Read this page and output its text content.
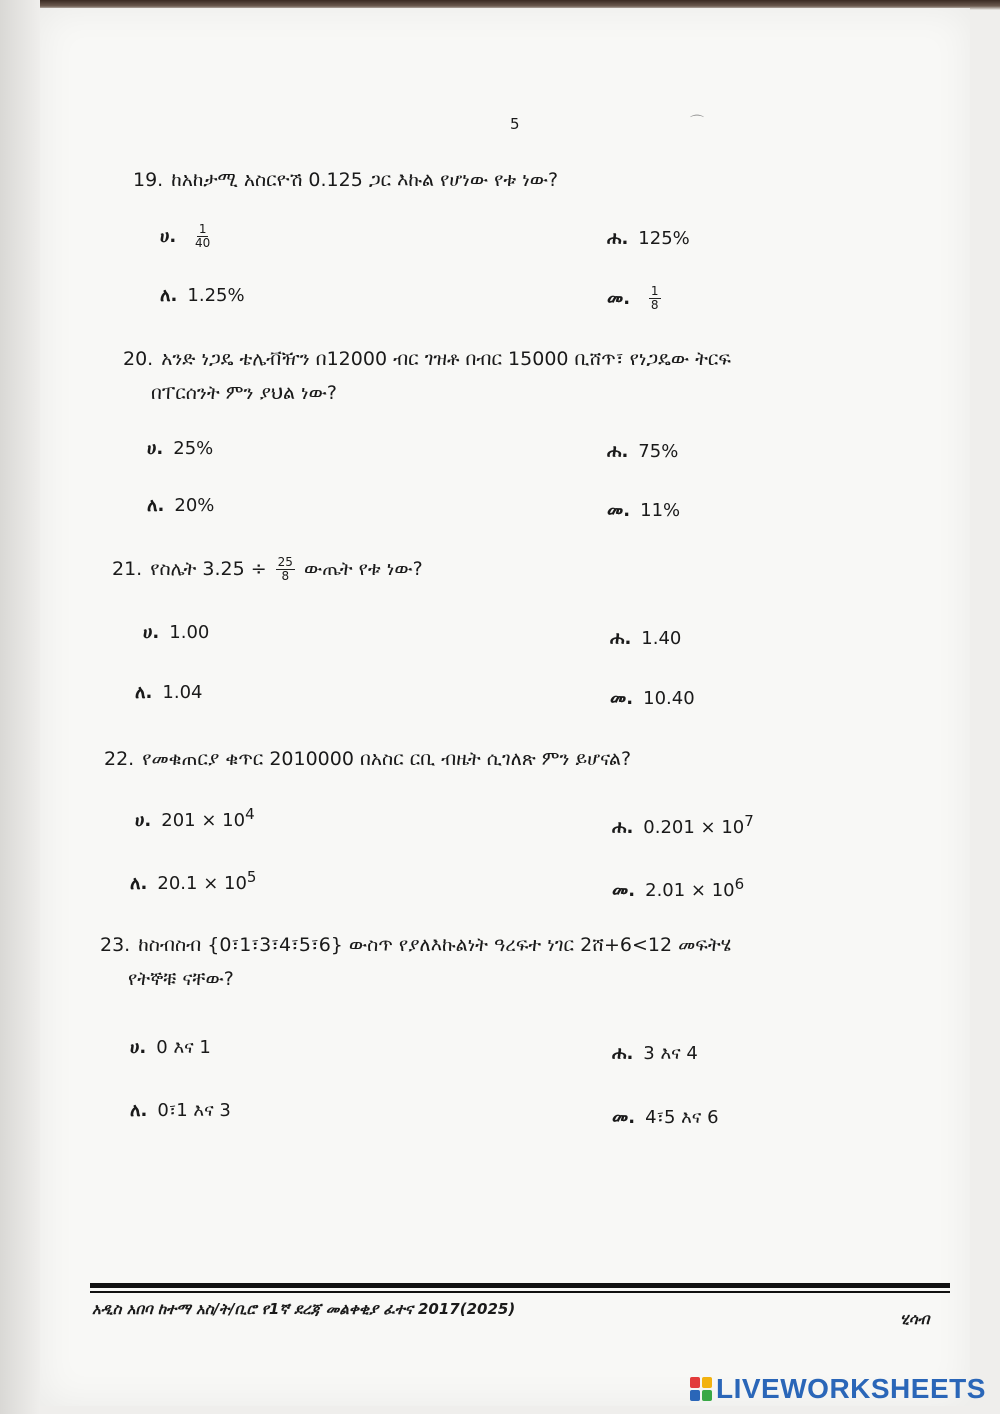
5	⌒
19. ከአከታሚ አስርዮሽ 0.125 ጋር እኩል የሆነው የቱ ነው?
ሀ. $\frac{1}{40}$
ለ. 1.25%
ሐ. 125%
መ. $\frac{1}{8}$
20. አንድ ነጋዴ ቴሌቭዥን በ12000 ብር ገዝቶ በብር 15000 ቢሸጥ፣ የነጋዴው ትርፍ
በፐርሰንት ምን ያህል ነው?
ሀ. 25%
ለ. 20%
ሐ. 75%
መ. 11%
21. የስሌት $3.25 \div \frac{25}{8}$ ውጤት የቱ ነው?
ሀ. 1.00
ለ. 1.04
ሐ. 1.40
መ. 10.40
22. የመቁጠርያ ቁጥር 2010000 በአስር ርቢ ብዜት ሲገለጽ ምን ይሆናል?
ሀ. $201 \times 10^4$
ለ. $20.1 \times 10^5$
ሐ. $0.201 \times 10^7$
መ. $2.01 \times 10^6$
23. ከስብስብ {0፣1፣3፣4፣5፣6} ውስጥ የያለእኩልነት ዓረፍተ ነገር 2ሸ+6<12 መፍትሄ
የትኞቹ ናቸው?
ሀ. 0 እና 1
ለ. 0፣1 እና 3
ሐ. 3 እና 4
መ. 4፣5 እና 6
አዲስ አበባ ከተማ አስ/ት/ቢሮ የ1ኛ ደረጃ መልቀቂያ ፈተና 2017(2025)
ሂሳብ
LIVEWORKSHEETS
